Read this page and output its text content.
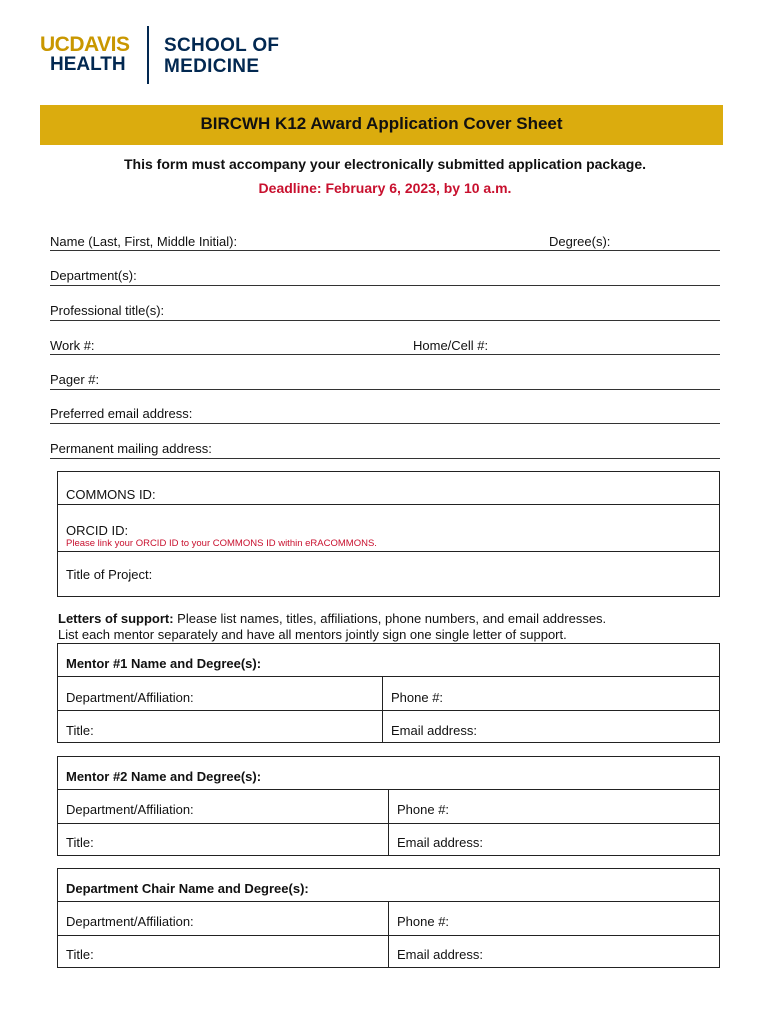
UCDAVIS
HEALTH
SCHOOL OF
MEDICINE
BIRCWH K12 Award Application Cover Sheet
This form must accompany your electronically submitted application package.
Deadline: February 6, 2023, by 10 a.m.
Name (Last, First, Middle Initial):	Degree(s):
Department(s):
Professional title(s):
Work #:	Home/Cell #:
Pager #:
Preferred email address:
Permanent mailing address:
COMMONS ID:
ORCID ID:
Please link your ORCID ID to your COMMONS ID within eRACOMMONS.
Title of Project:
Letters of support: Please list names, titles, affiliations, phone numbers, and email addresses.
List each mentor separately and have all mentors jointly sign one single letter of support.
Mentor #1 Name and Degree(s):
Department/Affiliation:	Phone #:
Title:	Email address:
Mentor #2 Name and Degree(s):
Department/Affiliation:	Phone #:
Title:	Email address:
Department Chair Name and Degree(s):
Department/Affiliation:	Phone #:
Title:	Email address:
